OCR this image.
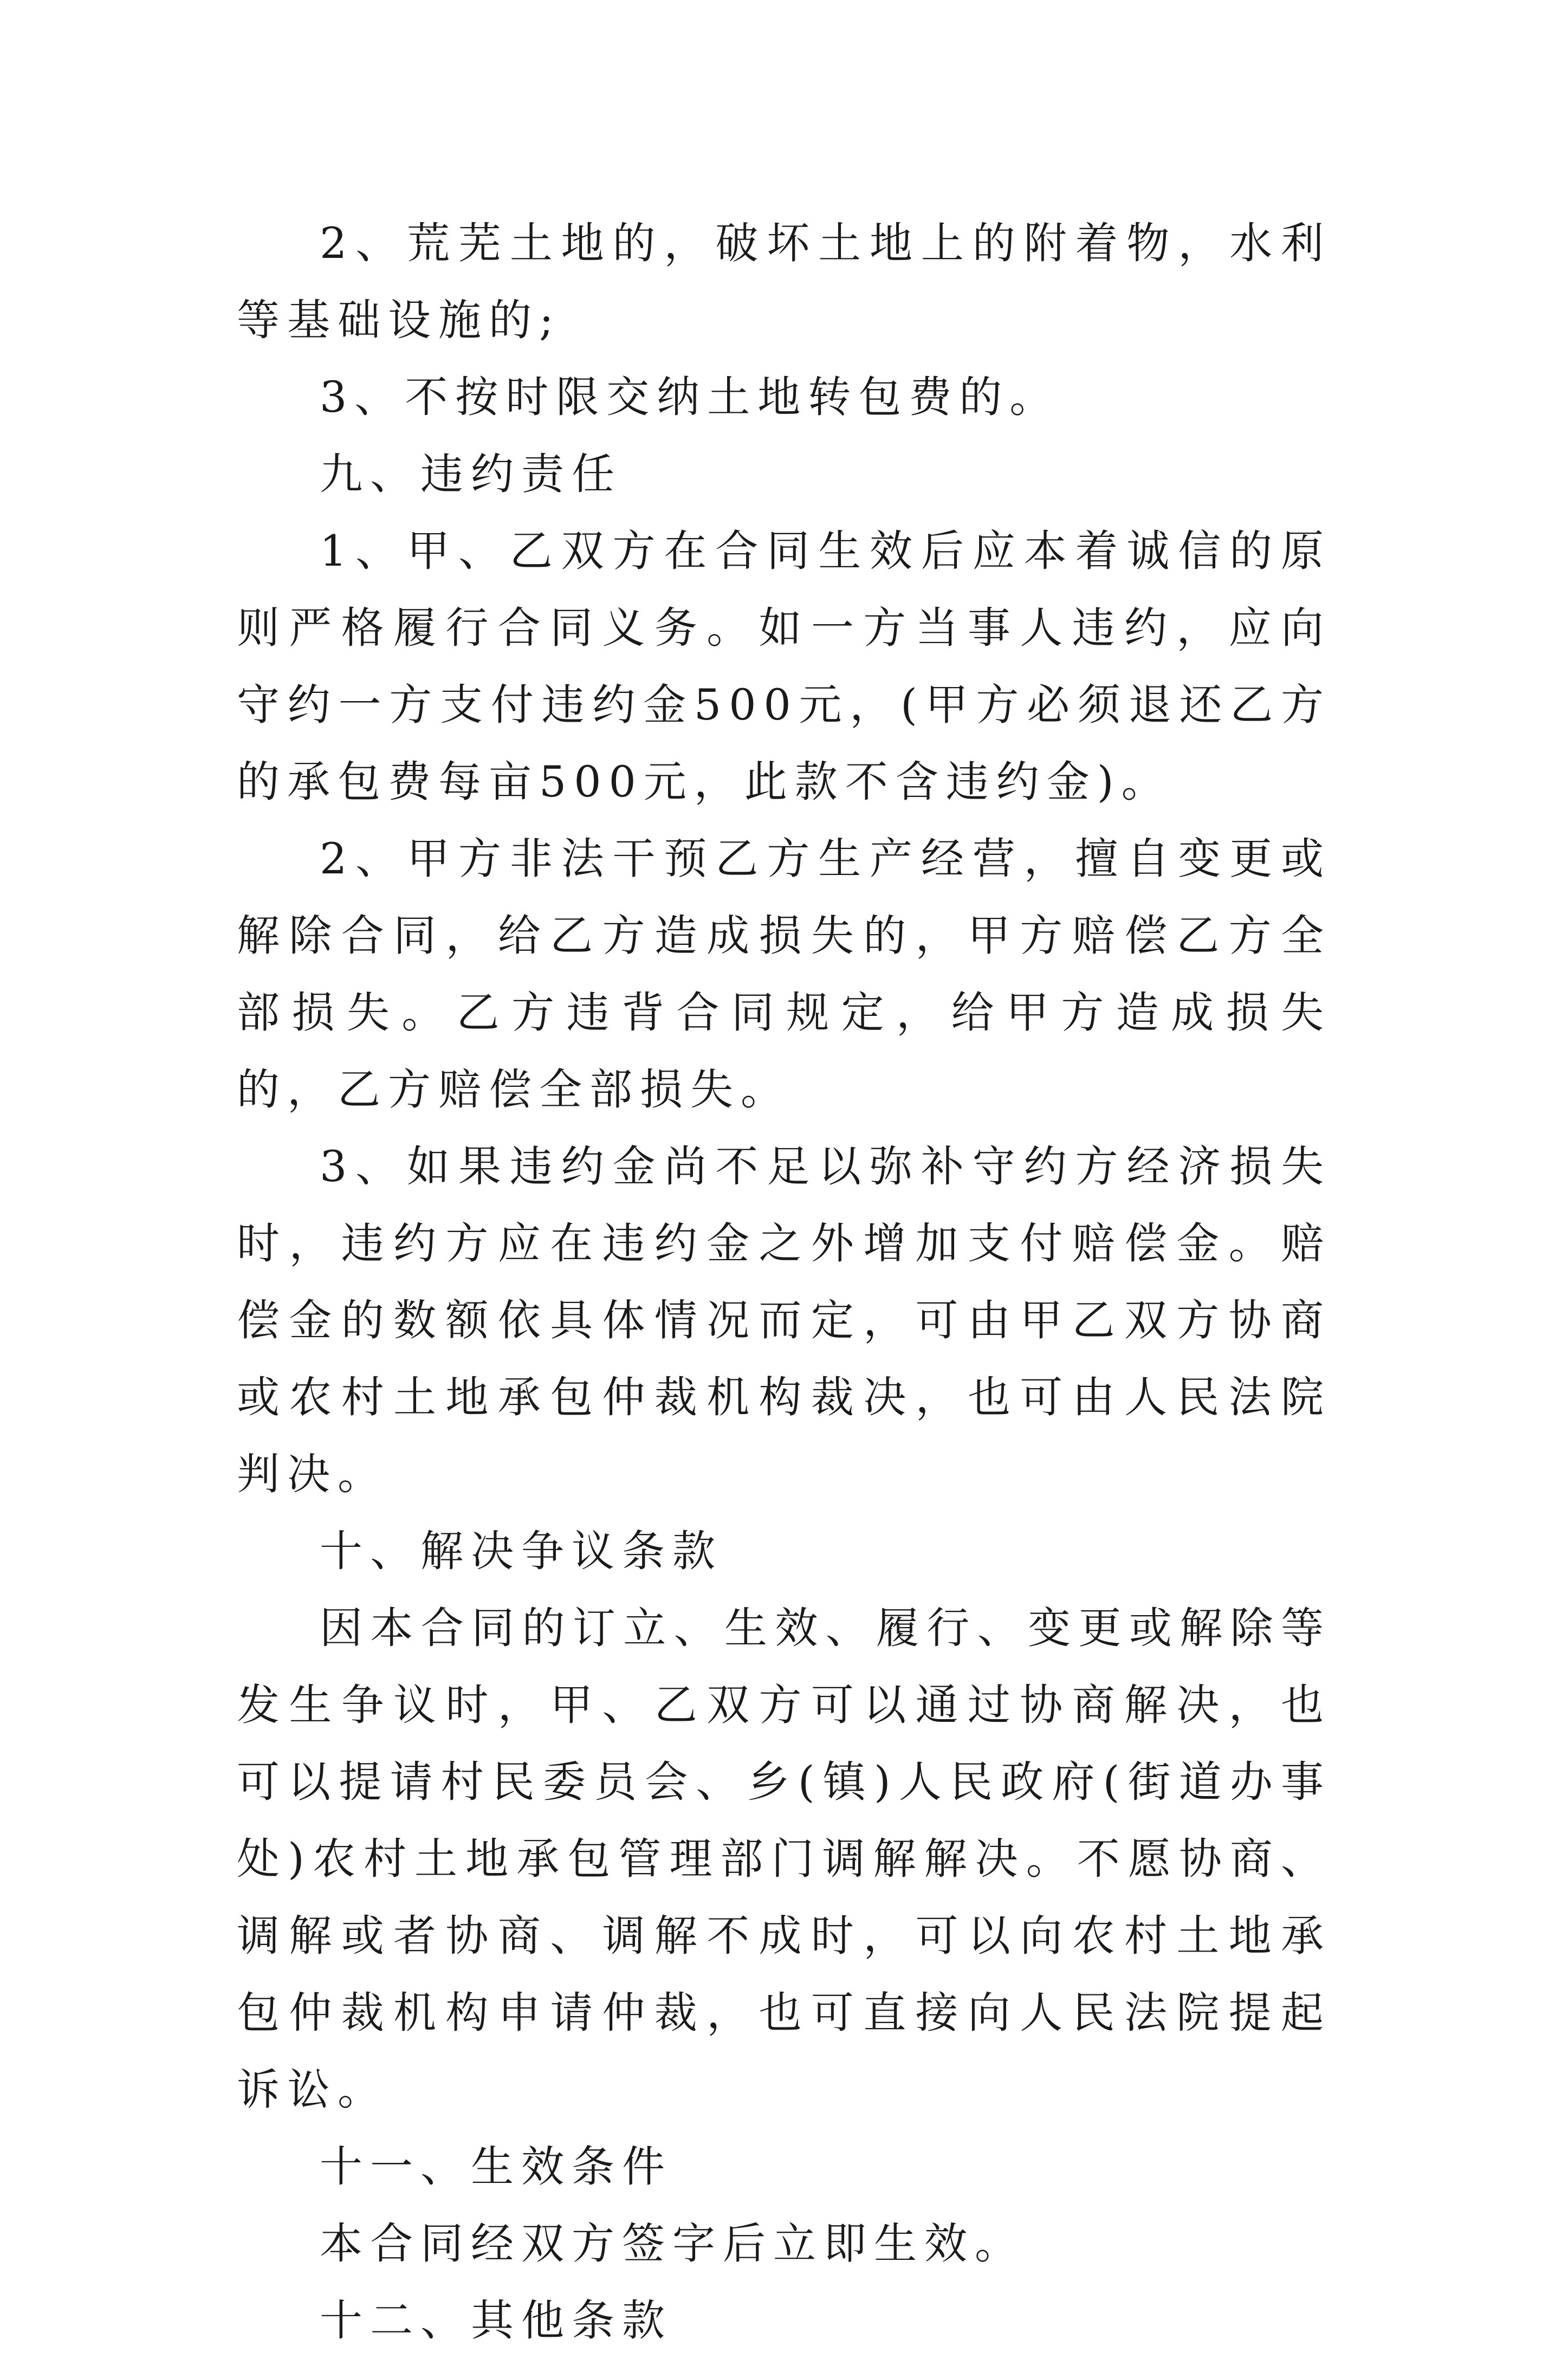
2、荒芜土地的，破坏土地上的附着物，水利等基础设施的;

3、不按时限交纳土地转包费的。

九、违约责任

1、甲、乙双方在合同生效后应本着诚信的原则严格履行合同义务。如一方当事人违约，应向守约一方支付违约金500元，(甲方必须退还乙方的承包费每亩500元，此款不含违约金)。

2、甲方非法干预乙方生产经营，擅自变更或解除合同，给乙方造成损失的，甲方赔偿乙方全部损失。乙方违背合同规定，给甲方造成损失的，乙方赔偿全部损失。

3、如果违约金尚不足以弥补守约方经济损失时，违约方应在违约金之外增加支付赔偿金。赔偿金的数额依具体情况而定，可由甲乙双方协商或农村土地承包仲裁机构裁决，也可由人民法院判决。

十、解决争议条款

因本合同的订立、生效、履行、变更或解除等发生争议时，甲、乙双方可以通过协商解决，也可以提请村民委员会、乡(镇)人民政府(街道办事处)农村土地承包管理部门调解解决。不愿协商、调解或者协商、调解不成时，可以向农村土地承包仲裁机构申请仲裁，也可直接向人民法院提起诉讼。

十一、生效条件

本合同经双方签字后立即生效。

十二、其他条款
